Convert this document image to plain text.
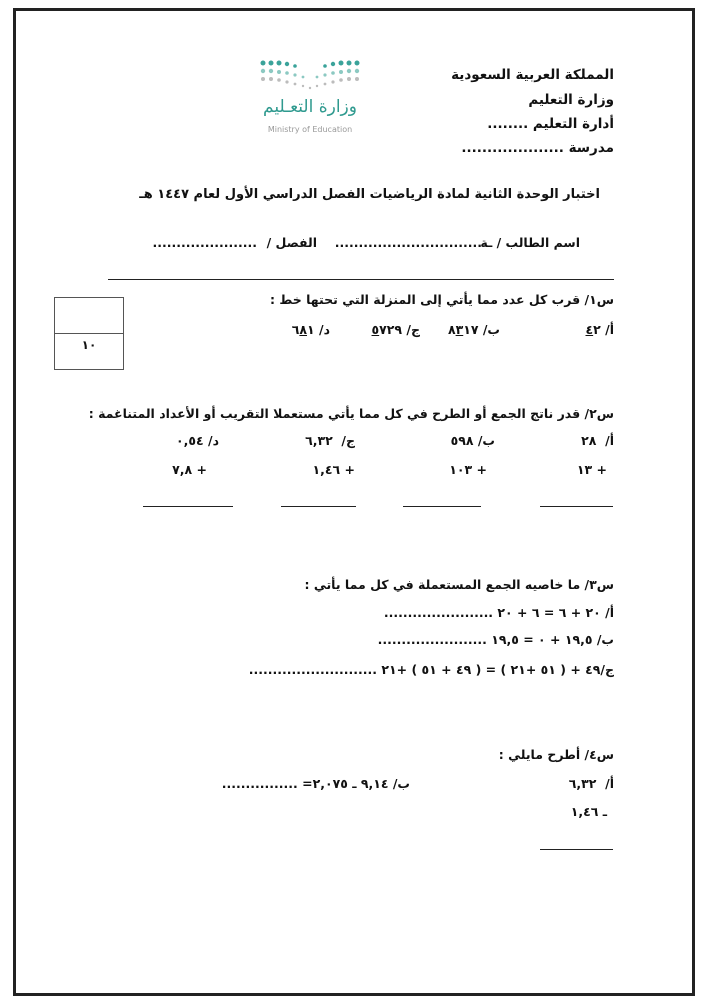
وزارة التعـليم
Ministry of Education
المملكة العربية السعودية
وزارة التعليم
أدارة التعليم ........
مدرسة ....................
اختبار الوحدة الثانية لمادة الرياضيات الفصل الدراسي الأول لعام ١٤٤٧ هـ
اسم الطالب / ـة
...............................
الفصل /
......................
١٠
س١/ قرب كل عدد مما يأتي إلى المنزلة التي تحتها خط :
أ/ ٤٢
ب/ ٨٣١٧
ج/ ٥٧٢٩
د/ ٦٨١
س٢/ قدر ناتج الجمع أو الطرح في كل مما يأتي مستعملا التقريب أو الأعداد المتناغمة :
أ/  ٢٨
ب/ ٥٩٨
ج/  ٦,٣٢
د/ ٠,٥٤
+ ١٣
+ ١٠٣
+ ١,٤٦
+ ٧,٨
س٣/ ما خاصيه الجمع المستعملة في كل مما يأتي :
أ/ ٢٠ + ٦ = ٦ + ٢٠ .......................
ب/ ١٩,٥ + ٠ = ١٩,٥ .......................
ج/٤٩ + ( ٥١ +٢١ ) = ( ٤٩ + ٥١ ) +٢١ ...........................
س٤/ أطرح مايلي :
أ/  ٦,٣٢
ـ ١,٤٦
ب/ ٩,١٤ ـ ٢,٠٧٥= ................
